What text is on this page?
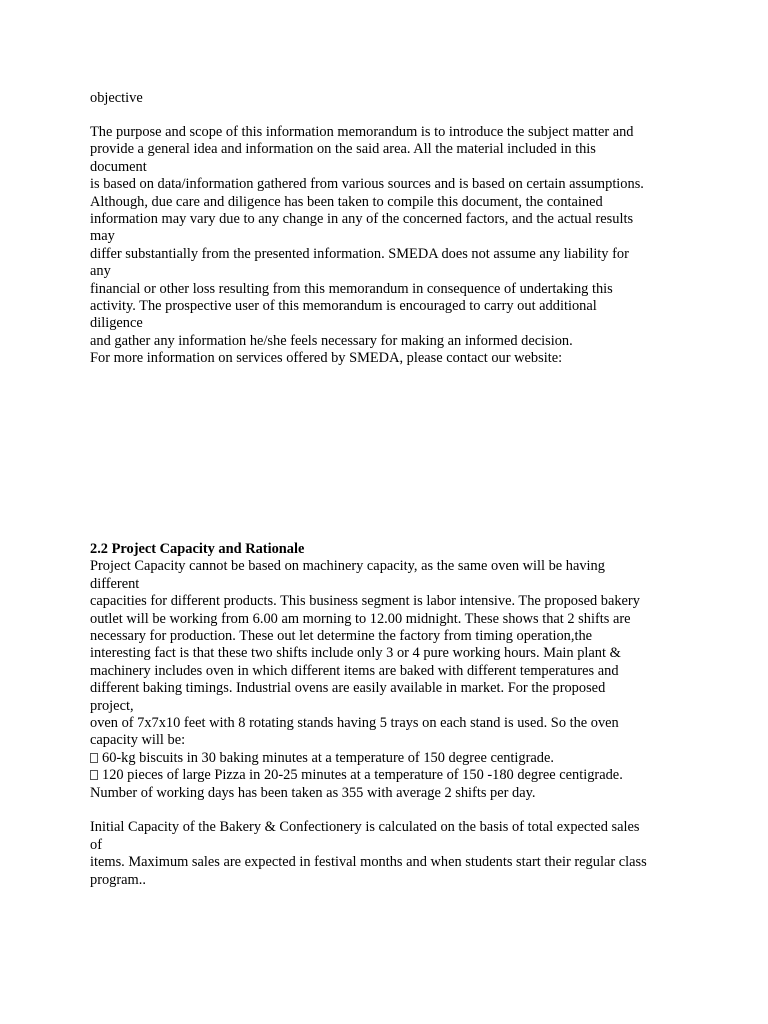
objective
The purpose and scope of this information memorandum is to introduce the subject matter and
provide a general idea and information on the said area. All the material included in this
document
is based on data/information gathered from various sources and is based on certain assumptions.
Although, due care and diligence has been taken to compile this document, the contained
information may vary due to any change in any of the concerned factors, and the actual results
may
differ substantially from the presented information. SMEDA does not assume any liability for
any
financial or other loss resulting from this memorandum in consequence of undertaking this
activity. The prospective user of this memorandum is encouraged to carry out additional
diligence
and gather any information he/she feels necessary for making an informed decision.
For more information on services offered by SMEDA, please contact our website:
2.2 Project Capacity and Rationale
Project Capacity cannot be based on machinery capacity, as the same oven will be having
different
capacities for different products. This business segment is labor intensive. The proposed bakery
outlet will be working from 6.00 am morning to 12.00 midnight. These shows that 2 shifts are
necessary for production. These out let determine the factory from timing operation,the
interesting fact is that these two shifts include only 3 or 4 pure working hours. Main plant &
machinery includes oven in which different items are baked with different temperatures and
different baking timings. Industrial ovens are easily available in market. For the proposed
project,
oven of 7x7x10 feet with 8 rotating stands having 5 trays on each stand is used. So the oven
capacity will be:
60-kg biscuits in 30 baking minutes at a temperature of 150 degree centigrade.
120 pieces of large Pizza in 20-25 minutes at a temperature of 150 -180 degree centigrade.
Number of working days has been taken as 355 with average 2 shifts per day.
Initial Capacity of the Bakery & Confectionery is calculated on the basis of total expected sales
of
items. Maximum sales are expected in festival months and when students start their regular class
program..
